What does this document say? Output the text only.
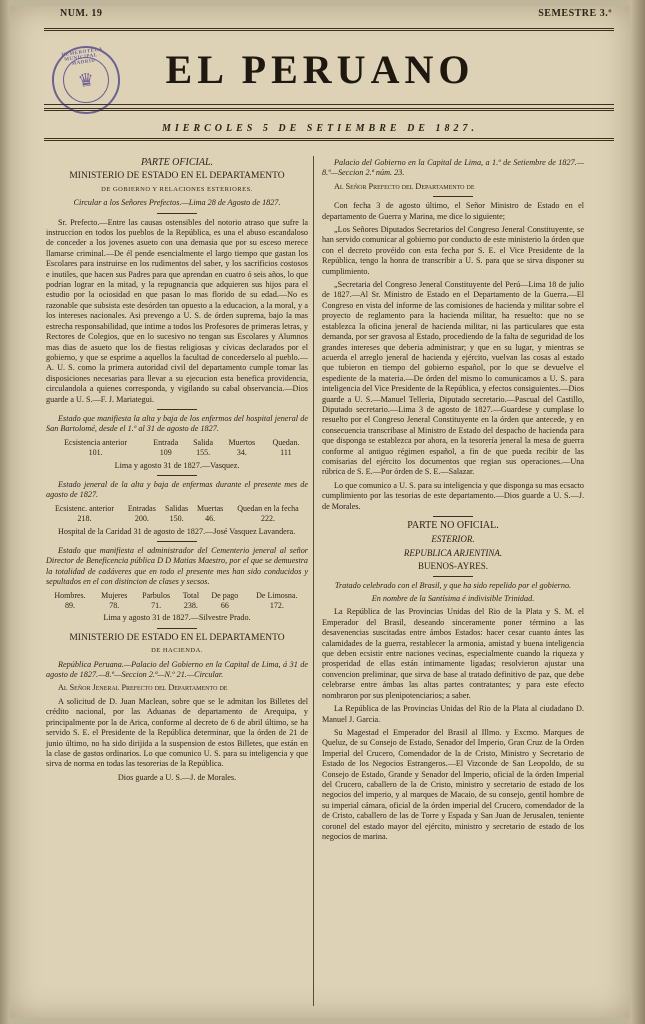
NUM. 19	SEMESTRE 3.º
EL PERUANO
♛
HEMEROTECA MUNICIPAL · MADRID
MIERCOLES 5 DE SETIEMBRE DE 1827.

PARTE OFICIAL.

MINISTERIO DE ESTADO EN EL DEPARTAMENTO

DE GOBIERNO Y RELACIONES ESTERIORES.

Circular a los Señores Prefectos.—Lima 28 de Agosto de 1827.

Sr. Prefecto.—Entre las causas ostensibles del notorio atraso que sufre la instruccion en todos los pueblos de la República, es una el abuso escandaloso de conceder a los jovenes asueto con una demasia que por su esceso merece llamarse criminal.—De él pende esencialmente el largo tiempo que gastan los Escolares para instruirse en los rudimentos del saber, y los sacrificios costosos e inutiles, que hacen sus Padres para que aprendan en cuatro ó seis años, lo que podrian lograr en la mitad, y la repugnancia que adquieren sus hijos para el estudio por la ociosidad en que pasan lo mas florido de su edad.—No es razonable que subsista este desórden tan opuesto a la educacion, a la moral, y a los intereses nacionales. Asi prevengo a U. S. de órden suprema, bajo la mas estrecha responsabilidad, que intime a todos los Profesores de primeras letras, y Rectores de Colegios, que en lo sucesivo no tengan sus Escolares y Alumnos mas dias de asueto que los de fiestas religiosas y cívicas declarados por el gobierno, y que se esprime a aquellos la facultad de concederselo al pueblo.—A. U. S. como la primera autoridad civil del departamento cumple tomar las disposiciones necesarias para llevar a su ejecucion esta benefica providencia, circulandola a quienes corresponda, y vigilando su cabal observancia.—Dios guarde a U. S.—F. J. Mariategui.

Estado que manifiesta la alta y baja de los enfermos del hospital jeneral de San Bartolomé, desde el 1.º al 31 de agosto de 1827.

Ecsistencia anterior	Entrada	Salida	Muertos	Quedan.
101.	109	155.	34.	111

Lima y agosto 31 de 1827.—Vasquez.

Estado jeneral de la alta y baja de enfermas durante el presente mes de agosto de 1827.

Ecsistenc. anterior	Entradas	Salidas	Muertas	Quedan en la fecha
218.	200.	150.	46.	222.

Hospital de la Caridad 31 de agosto de 1827.—José Vasquez Lavandera.

Estado que manifiesta el administrador del Cementerio jeneral al señor Director de Beneficencia pública D D Matias Maestro, por el que se demuestra la totalidad de cadáveres que en todo el presente mes han sido conducidos y sepultados en el con distincion de clases y secsos.

Hombres.	Mujeres	Parbulos	Total	De pago	De Limosna.
89.	78.	71.	238.	66	172.

Lima y agosto 31 de 1827.—Silvestre Prado.

MINISTERIO DE ESTADO EN EL DEPARTAMENTO

DE HACIENDA.

República Peruana.—Palacio del Gobierno en la Capital de Lima, á 31 de agosto de 1827.—8.º—Seccion 2.ª—N.º 21.—Circular.

Al Señor Jeneral Prefecto del Departamento de

A solicitud de D. Juan Maclean, sobre que se le admitan los Billetes del crédito nacional, por las Aduanas de departamento de Arequipa, y principalmente por la de Arica, conforme al decreto de 6 de abril último, se ha servido S. E. el Presidente de la República determinar, que la órden de 21 de junio último, no ha sido dirijida a la suspension de estos Billetes, que están en la clase de gastos ordinarios. Lo que comunico U. S. para su inteligencia y que sirva de norma en todas las tesorerias de la República.

Dios guarde a U. S.—J. de Morales.

Palacio del Gobierno en la Capital de Lima, a 1.º de Setiembre de 1827.—8.º—Seccion 2.ª núm. 23.

Al Señor Prefecto del Departamento de

Con fecha 3 de agosto último, el Señor Ministro de Estado en el departamento de Guerra y Marina, me dice lo siguiente;

„Los Señores Diputados Secretarios del Congreso Jeneral Constituyente, se han servido comunicar al gobierno por conducto de este ministerio la órden que con el decreto provéido con esta fecha por S. E. el Vice Presidente de la República, tengo la honra de transcribir a U. S. para que se sirva disponer su cumplimiento.

„Secretaria del Congreso Jeneral Constituyente del Perú—Lima 18 de julio de 1827.—Al Sr. Ministro de Estado en el Departamento de la Guerra.—El Congreso en vista del informe de las comisiones de hacienda y militar sobre el proyecto de reglamento para la hacienda militar, ha resuelto: que no se establezca la oficina jeneral de hacienda militar, ni las particulares que esta demanda, por ser gravosa al Estado, procediendo de la falta de seguridad de los grandes intereses que deberia administrar; y que en su lugar, y mientras se acuerda el arreglo jeneral de hacienda y ejército, vuelvan las cosas al estado que tubieron en tiempo del gobierno español, por lo que se devuelve el espediente de la materia.—De órden del mismo lo comunicamos a U. S. para inteligencia del Vice Presidente de la República, y efectos consiguientes.—Dios guarde a U. S.—Manuel Telleria, Diputado secretario.—Pascual del Castillo, Diputado secretario.—Lima 3 de agosto de 1827.—Guardese y cumplase lo resuelto por el Congreso Jeneral Constituyente en la órden que antecede, y en consecuencia transcribase al Ministro de Estado del despacho de hacienda para que disponga se establezca por ahora, en la tesorería jeneral la mesa de guerra conforme al antiguo régimen español, a fin de que pueda recibir de las comisarias del ejército los documentos que regian sus operaciones.—Una rúbrica de S. E.—Por órden de S. E.—Salazar.

Lo que comunico a U. S. para su inteligencia y que disponga su mas ecsacto cumplimiento por las tesorias de este departamento.—Dios guarde a U. S.—J. de Morales.

PARTE NO OFICIAL.

ESTERIOR.

REPUBLICA ARJENTINA.

BUENOS-AYRES.

Tratado celebrado con el Brasil, y que ha sido repelido por el gobierno.

En nombre de la Santísima é indivisible Trinidad.

La República de las Provincias Unidas del Rio de la Plata y S. M. el Emperador del Brasil, deseando sinceramente poner término a las desavenencias suscitadas entre ámbos Estados: hacer cesar cuanto ántes las calamidades de la guerra, restablecer la armonia, amistad y buena inteligencia que deben ecsistir entre naciones vecinas, especialmente cuando la riqueza y prosperidad de ellas están intimamente ligadas; resolvieron ajustar una convencion preliminar, que sirva de base al tratado definitivo de paz, que debe celebrarse entre ámbas las altas partes contratantes; y para este efecto nombraron por sus plenipotenciarios; a saber.

La República de las Provincias Unidas del Rio de la Plata al ciudadano D. Manuel J. Garcia.

Su Magestad el Emperador del Brasil al Illmo. y Excmo. Marques de Queluz, de su Consejo de Estado, Senador del Imperio, Gran Cruz de la Orden Imperial del Crucero, Comendador de la de Cristo, Ministro y Secretario de Estado de los Negocios Estrangeros.—El Vizconde de San Leopoldo, de su Consejo de Estado, Grande y Senador del Imperio, oficial de la órden Imperial del Crucero, caballero de la de Cristo, ministro y secretario de estado de los negocios del imperio, y al marques de Macaio, de su consejo, gentil hombre de su imperial cámara, oficial de la órden imperial del Crucero, comendador de la de Cristo, caballero de las de Torre y Espada y San Juan de Jerusalen, teniente coronel del estado mayor del ejército, ministro y secretario de estado de los negocios de marina.
